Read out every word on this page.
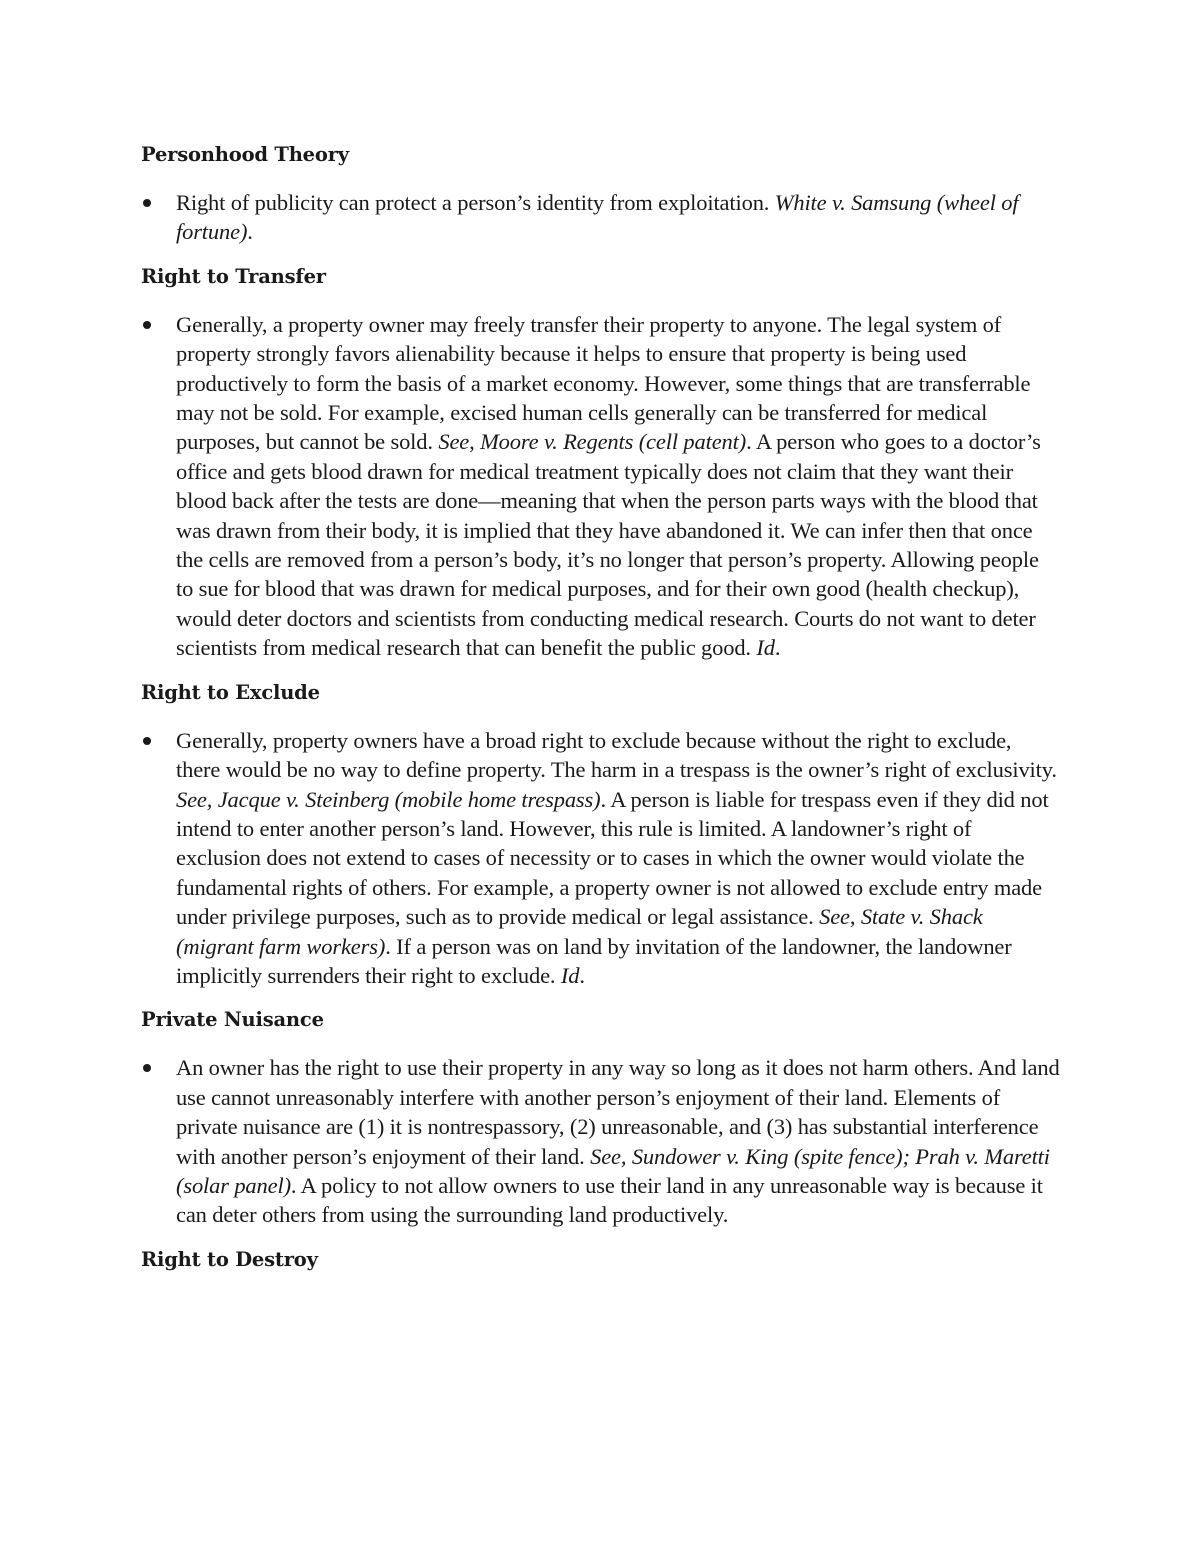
Personhood Theory
Right of publicity can protect a person’s identity from exploitation. White v. Samsung (wheel of fortune).
Right to Transfer
Generally, a property owner may freely transfer their property to anyone. The legal system of property strongly favors alienability because it helps to ensure that property is being used productively to form the basis of a market economy. However, some things that are transferrable may not be sold. For example, excised human cells generally can be transferred for medical purposes, but cannot be sold. See, Moore v. Regents (cell patent). A person who goes to a doctor’s office and gets blood drawn for medical treatment typically does not claim that they want their blood back after the tests are done—meaning that when the person parts ways with the blood that was drawn from their body, it is implied that they have abandoned it. We can infer then that once the cells are removed from a person’s body, it’s no longer that person’s property. Allowing people to sue for blood that was drawn for medical purposes, and for their own good (health checkup), would deter doctors and scientists from conducting medical research. Courts do not want to deter scientists from medical research that can benefit the public good. Id.
Right to Exclude
Generally, property owners have a broad right to exclude because without the right to exclude, there would be no way to define property. The harm in a trespass is the owner’s right of exclusivity. See, Jacque v. Steinberg (mobile home trespass). A person is liable for trespass even if they did not intend to enter another person’s land. However, this rule is limited. A landowner’s right of exclusion does not extend to cases of necessity or to cases in which the owner would violate the fundamental rights of others. For example, a property owner is not allowed to exclude entry made under privilege purposes, such as to provide medical or legal assistance. See, State v. Shack (migrant farm workers). If a person was on land by invitation of the landowner, the landowner implicitly surrenders their right to exclude. Id.
Private Nuisance
An owner has the right to use their property in any way so long as it does not harm others. And land use cannot unreasonably interfere with another person’s enjoyment of their land. Elements of private nuisance are (1) it is nontrespassory, (2) unreasonable, and (3) has substantial interference with another person’s enjoyment of their land. See, Sundower v. King (spite fence); Prah v. Maretti (solar panel). A policy to not allow owners to use their land in any unreasonable way is because it can deter others from using the surrounding land productively.
Right to Destroy
